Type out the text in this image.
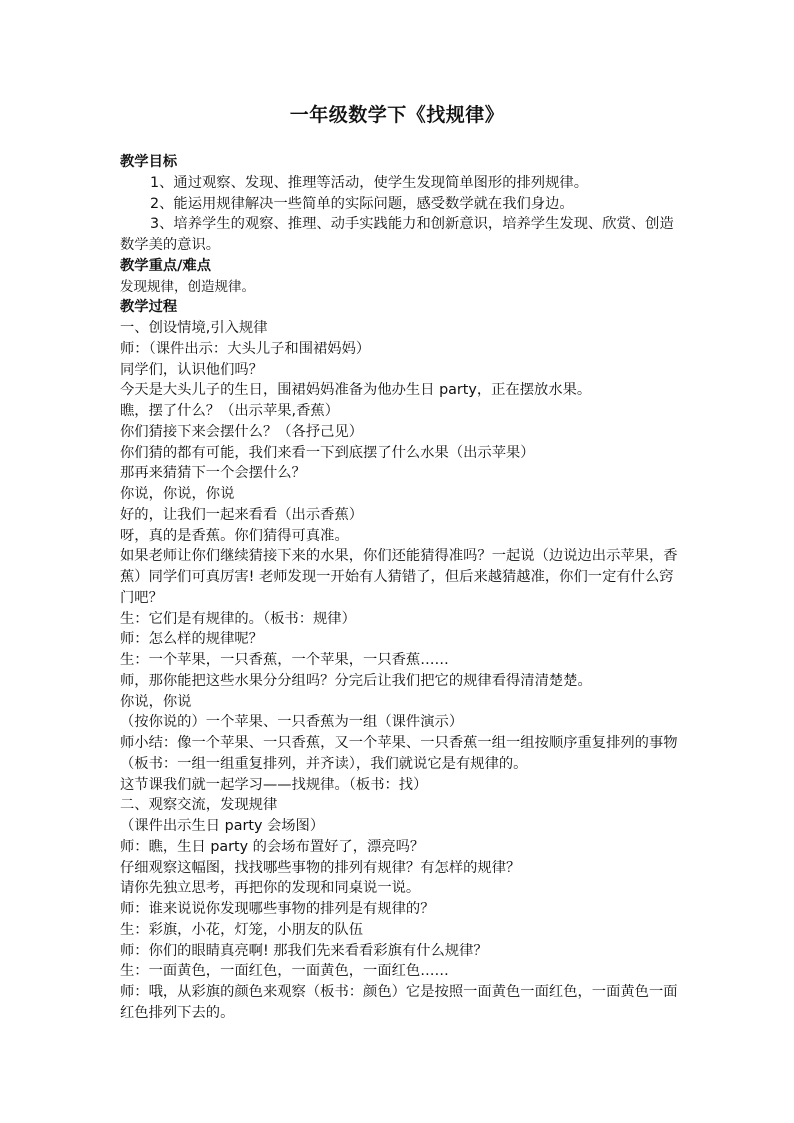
一年级数学下《找规律》

教学目标

1、通过观察、发现、推理等活动，使学生发现简单图形的排列规律。

2、能运用规律解决一些简单的实际问题，感受数学就在我们身边。

3、培养学生的观察、推理、动手实践能力和创新意识，培养学生发现、欣赏、创造数学美的意识。

教学重点/难点

发现规律，创造规律。

教学过程

一、创设情境,引入规律

师：（课件出示：大头儿子和围裙妈妈）

同学们，认识他们吗？

今天是大头儿子的生日，围裙妈妈准备为他办生日 party，正在摆放水果。

瞧，摆了什么？（出示苹果,香蕉）

你们猜接下来会摆什么？（各抒己见）

你们猜的都有可能，我们来看一下到底摆了什么水果（出示苹果）

那再来猜猜下一个会摆什么？

你说，你说，你说

好的，让我们一起来看看（出示香蕉）

呀，真的是香蕉。你们猜得可真准。

如果老师让你们继续猜接下来的水果，你们还能猜得准吗？一起说（边说边出示苹果，香蕉）同学们可真厉害! 老师发现一开始有人猜错了，但后来越猜越准，你们一定有什么窍门吧？

生：它们是有规律的。（板书：规律）

师：怎么样的规律呢？

生：一个苹果，一只香蕉，一个苹果，一只香蕉……

师，那你能把这些水果分分组吗？分完后让我们把它的规律看得清清楚楚。

你说，你说

（按你说的）一个苹果、一只香蕉为一组（课件演示）

师小结：像一个苹果、一只香蕉，又一个苹果、一只香蕉一组一组按顺序重复排列的事物（板书：一组一组重复排列，并齐读），我们就说它是有规律的。

这节课我们就一起学习——找规律。（板书：找）

二、观察交流，发现规律

（课件出示生日 party 会场图）

师：瞧，生日 party 的会场布置好了，漂亮吗？

仔细观察这幅图，找找哪些事物的排列有规律？有怎样的规律？

请你先独立思考，再把你的发现和同桌说一说。

师：谁来说说你发现哪些事物的排列是有规律的？

生：彩旗，小花，灯笼，小朋友的队伍

师：你们的眼睛真亮啊! 那我们先来看看彩旗有什么规律？

生：一面黄色，一面红色，一面黄色，一面红色……

师：哦，从彩旗的颜色来观察（板书：颜色）它是按照一面黄色一面红色，一面黄色一面红色排列下去的。
